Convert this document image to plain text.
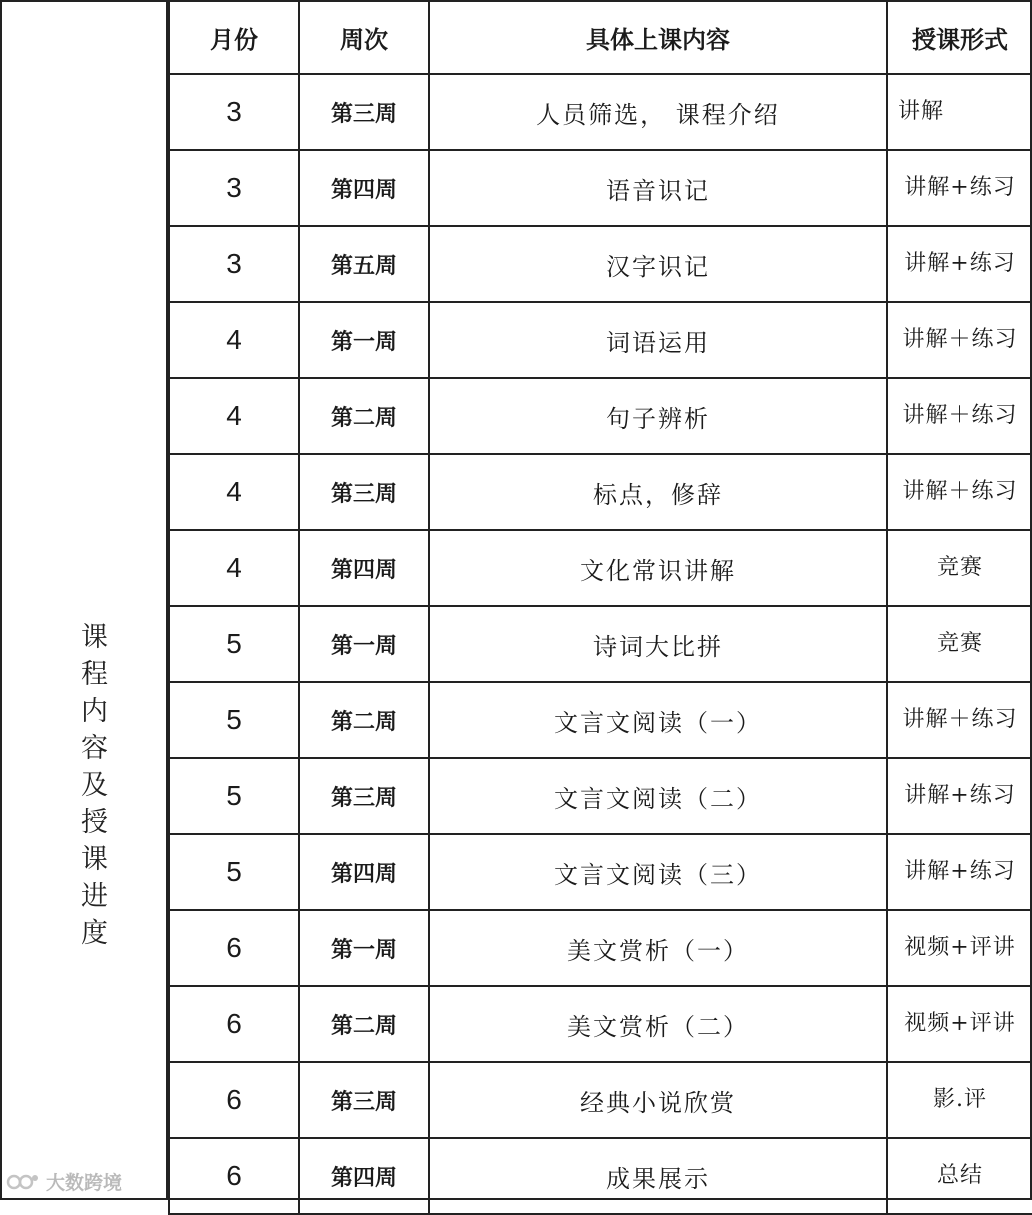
课程内容及授课进度
月份	周次	具体上课内容	授课形式
3	第三周	人员筛选， 课程介绍	讲解
3	第四周	语音识记	讲解+练习
3	第五周	汉字识记	讲解+练习
4	第一周	词语运用	讲解＋练习
4	第二周	句子辨析	讲解＋练习
4	第三周	标点，修辞	讲解＋练习
4	第四周	文化常识讲解	竞赛
5	第一周	诗词大比拼	竞赛
5	第二周	文言文阅读（一）	讲解＋练习
5	第三周	文言文阅读（二）	讲解+练习
5	第四周	文言文阅读（三）	讲解+练习
6	第一周	美文赏析（一）	视频+评讲
6	第二周	美文赏析（二）	视频+评讲
6	第三周	经典小说欣赏	影.评
6	第四周	成果展示	总结
大数跨境
